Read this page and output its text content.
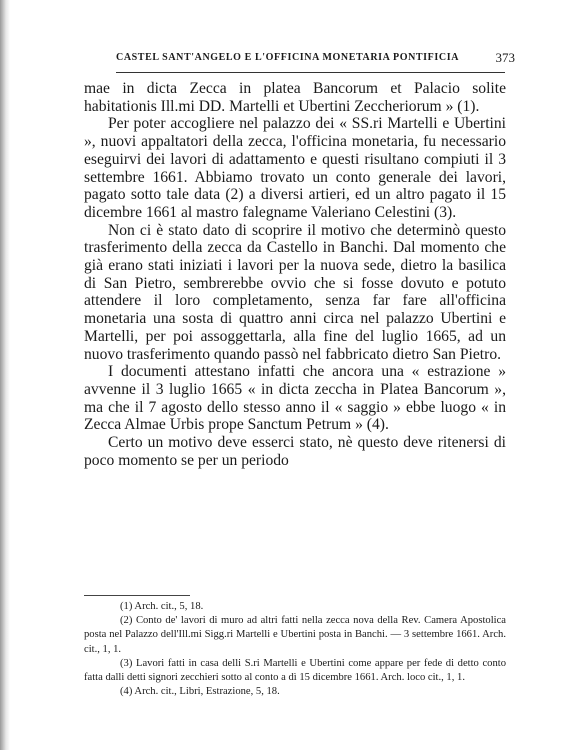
CASTEL SANT'ANGELO E L'OFFICINA MONETARIA PONTIFICIA	373

mae in dicta Zecca in platea Bancorum et Palacio solite habitationis Ill.mi DD. Martelli et Ubertini Zeccheriorum » (1).

Per poter accogliere nel palazzo dei « SS.ri Martelli e Ubertini », nuovi appaltatori della zecca, l'officina monetaria, fu necessario eseguirvi dei lavori di adattamento e questi risultano compiuti il 3 settembre 1661. Abbiamo trovato un conto generale dei lavori, pagato sotto tale data (2) a diversi artieri, ed un altro pagato il 15 dicembre 1661 al mastro falegname Valeriano Celestini (3).

Non ci è stato dato di scoprire il motivo che determinò questo trasferimento della zecca da Castello in Banchi. Dal momento che già erano stati iniziati i lavori per la nuova sede, dietro la basilica di San Pietro, sembrerebbe ovvio che si fosse dovuto e potuto attendere il loro completamento, senza far fare all'officina monetaria una sosta di quattro anni circa nel palazzo Ubertini e Martelli, per poi assoggettarla, alla fine del luglio 1665, ad un nuovo trasferimento quando passò nel fabbricato dietro San Pietro.

I documenti attestano infatti che ancora una « estrazione » avvenne il 3 luglio 1665 « in dicta zeccha in Platea Bancorum », ma che il 7 agosto dello stesso anno il « saggio » ebbe luogo « in Zecca Almae Urbis prope Sanctum Petrum » (4).

Certo un motivo deve esserci stato, nè questo deve ritenersi di poco momento se per un periodo

(1) Arch. cit., 5, 18.

(2) Conto de' lavori di muro ad altri fatti nella zecca nova della Rev. Camera Apostolica posta nel Palazzo dell'Ill.mi Sigg.ri Martelli e Ubertini posta in Banchi. — 3 settembre 1661. Arch. cit., 1, 1.

(3) Lavori fatti in casa delli S.ri Martelli e Ubertini come appare per fede di detto conto fatta dalli detti signori zecchieri sotto al conto a dì 15 dicembre 1661. Arch. loco cit., 1, 1.

(4) Arch. cit., Libri, Estrazione, 5, 18.
